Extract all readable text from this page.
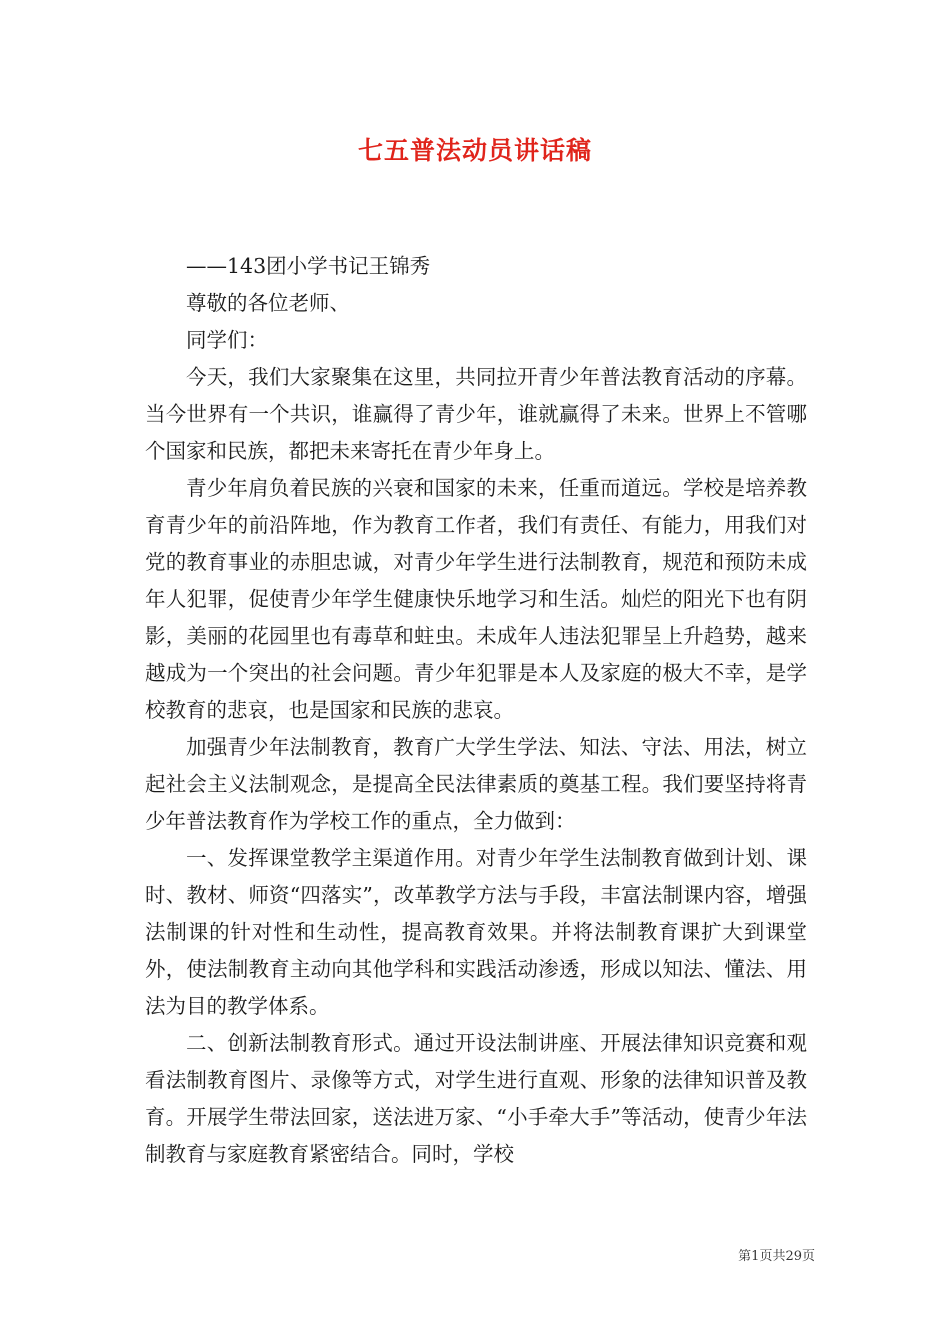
七五普法动员讲话稿

——143团小学书记王锦秀

尊敬的各位老师、

同学们：

今天，我们大家聚集在这里，共同拉开青少年普法教育活动的序幕。当今世界有一个共识，谁赢得了青少年，谁就赢得了未来。世界上不管哪个国家和民族，都把未来寄托在青少年身上。

青少年肩负着民族的兴衰和国家的未来，任重而道远。学校是培养教育青少年的前沿阵地，作为教育工作者，我们有责任、有能力，用我们对党的教育事业的赤胆忠诚，对青少年学生进行法制教育，规范和预防未成年人犯罪，促使青少年学生健康快乐地学习和生活。灿烂的阳光下也有阴影，美丽的花园里也有毒草和蛀虫。未成年人违法犯罪呈上升趋势，越来越成为一个突出的社会问题。青少年犯罪是本人及家庭的极大不幸，是学校教育的悲哀，也是国家和民族的悲哀。

加强青少年法制教育，教育广大学生学法、知法、守法、用法，树立起社会主义法制观念，是提高全民法律素质的奠基工程。我们要坚持将青少年普法教育作为学校工作的重点，全力做到：

一、发挥课堂教学主渠道作用。对青少年学生法制教育做到计划、课时、教材、师资“四落实”，改革教学方法与手段，丰富法制课内容，增强法制课的针对性和生动性，提高教育效果。并将法制教育课扩大到课堂外，使法制教育主动向其他学科和实践活动渗透，形成以知法、懂法、用法为目的教学体系。

二、创新法制教育形式。通过开设法制讲座、开展法律知识竞赛和观看法制教育图片、录像等方式，对学生进行直观、形象的法律知识普及教育。开展学生带法回家，送法进万家、“小手牵大手”等活动，使青少年法制教育与家庭教育紧密结合。同时，学校

第1页共29页
